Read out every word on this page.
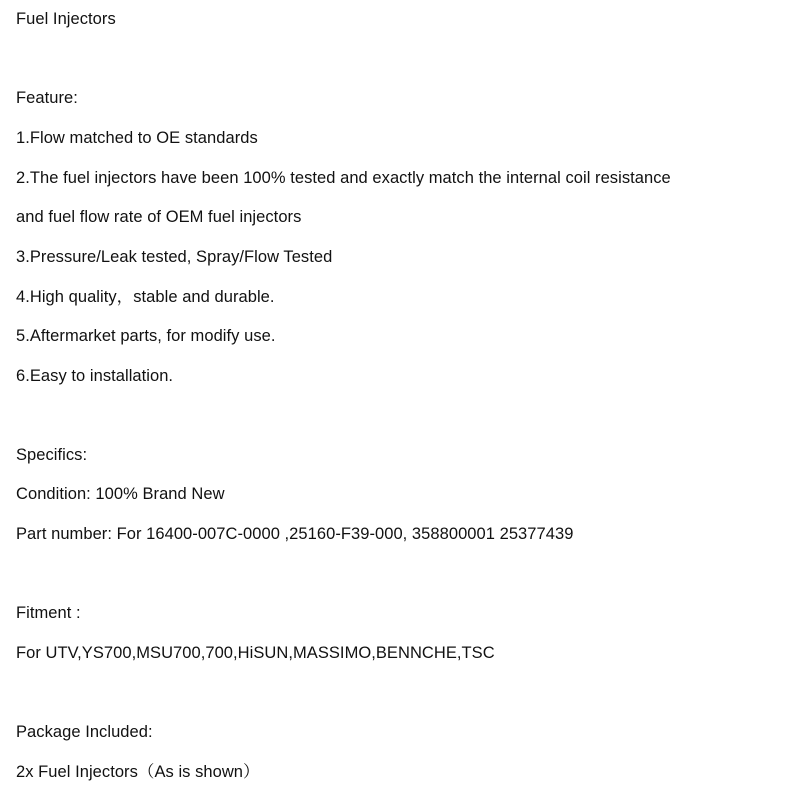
Fuel Injectors
Feature:
1.Flow matched to OE standards
2.The fuel injectors have been 100% tested and exactly match the internal coil resistance
and fuel flow rate of OEM fuel injectors
3.Pressure/Leak tested, Spray/Flow Tested
4.High quality，stable and durable.
5.Aftermarket parts, for modify use.
6.Easy to installation.
Specifics:
Condition: 100% Brand New
Part number: For 16400-007C-0000 ,25160-F39-000, 358800001 25377439
Fitment :
For UTV,YS700,MSU700,700,HiSUN,MASSIMO,BENNCHE,TSC
Package Included:
2x Fuel Injectors（As is shown）
